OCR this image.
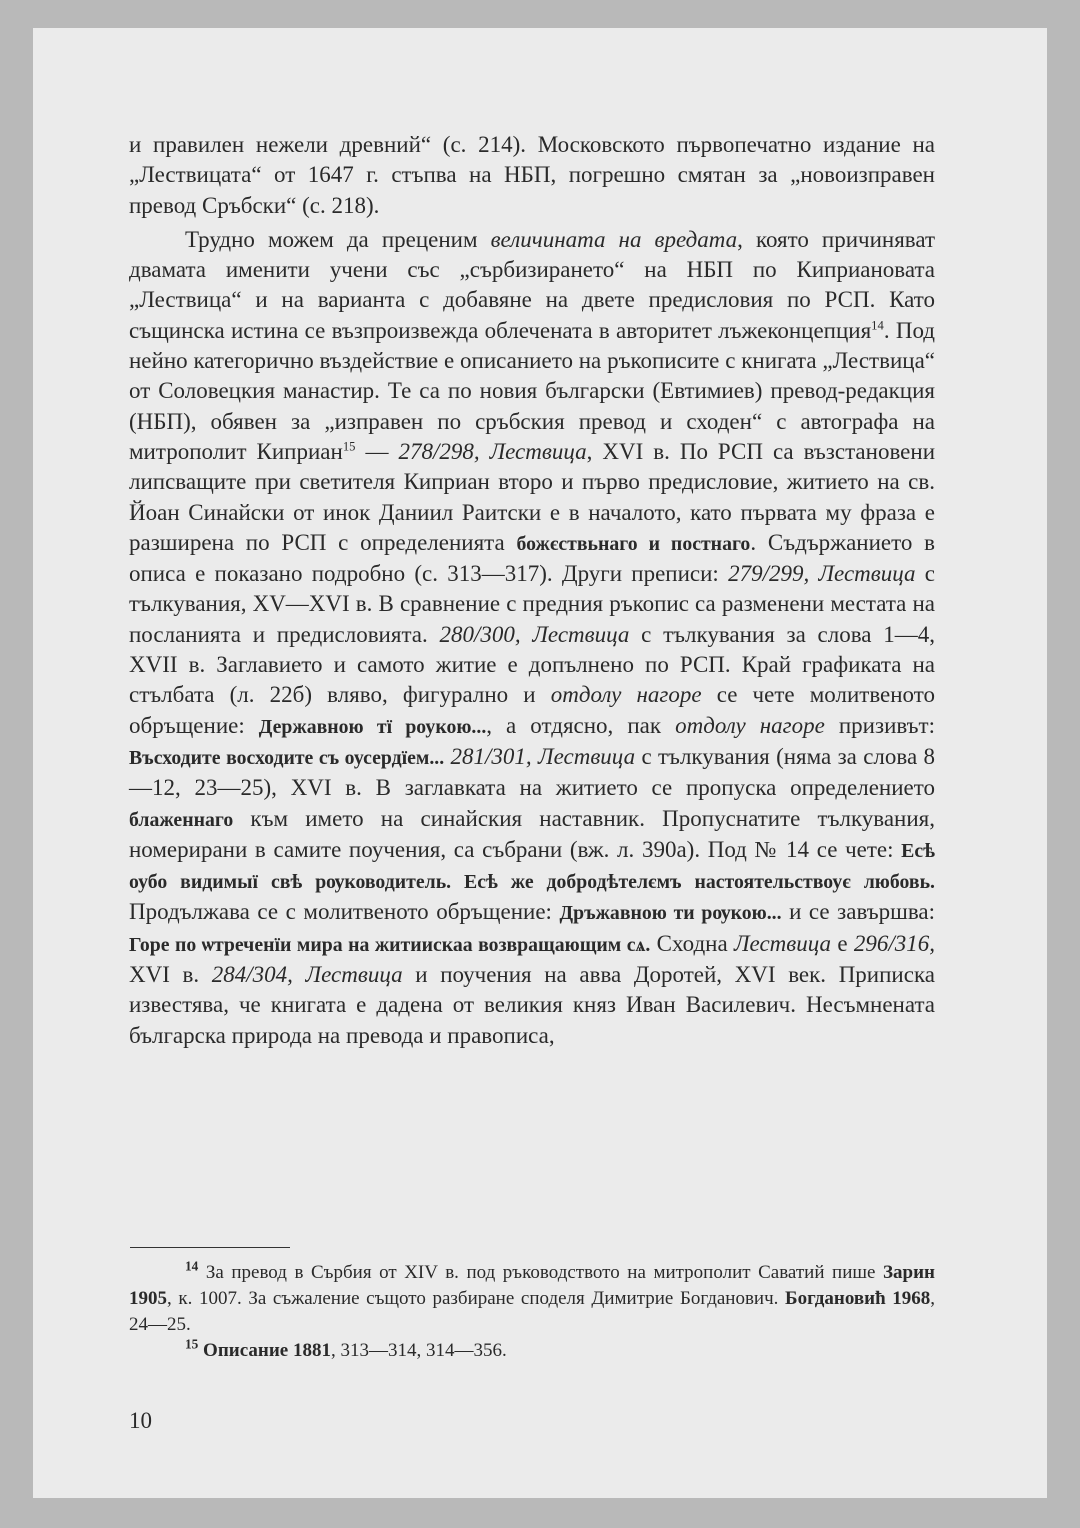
и правилен нежели древний“ (с. 214). Московското първопечатно издание на „Лествицата“ от 1647 г. стъпва на НБП, погрешно смятан за „новоизправен превод Сръбски“ (с. 218).

Трудно можем да преценим величината на вредата, която причиняват двамата именити учени със „сърбизирането“ на НБП по Киприановата „Лествица“ и на варианта с добавяне на двете предисловия по РСП. Като същинска истина се възпроизвежда облечената в авторитет лъжеконцепция$^{14}$. Под нейно категорично въздействие е описанието на ръкописите с книгата „Лествица“ от Соловецкия манастир. Те са по новия български (Евтимиев) превод-редакция (НБП), обявен за „изправен по сръбския превод и сходен“ с автографа на митрополит Киприан$^{15}$ — 278/298, Лествица, XVI в. По РСП са възстановени липсващите при светителя Киприан второ и първо предисловие, житието на св. Йоан Синайски от инок Даниил Раитски е в началото, като първата му фраза е разширена по РСП с определенията божєствьнаго и постнаго. Съдържанието в описа е показано подробно (с. 313—317). Други преписи: 279/299, Лествица с тълкувания, XV—XVI в. В сравнение с предния ръкопис са разменени местата на посланията и предисловията. 280/300, Лествица с тълкувания за слова 1—4, XVII в. Заглавието и самото житие е допълнено по РСП. Край графиката на стълбата (л. 22б) вляво, фигурално и отдолу нагоре се чете молитвеното обръщение: Державною тї роукою..., а отдясно, пак отдолу нагоре призивът: Въсходите восходите съ оусердїем... 281/301, Лествица с тълкувания (няма за слова 8—12, 23—25), XVI в. В заглавката на житието се пропуска определението блаженнаго към името на синайския наставник. Пропуснатите тълкувания, номерирани в самите поучения, са събрани (вж. л. 390а). Под № 14 се чете: Есѣ оубо видимыї свѣ рѹководитель. Есѣ же добродѣтелємъ настоятельствоує любовь. Продължава се с молитвеното обръщение: Дръжавною ти рѹкою... и се завършва: Горе по ѡтреченїи мира на житиискаа возвращающим сѧ. Сходна Лествица е 296/316, XVI в. 284/304, Лествица и поучения на авва Доротей, XVI век. Приписка известява, че книгата е дадена от великия княз Иван Василевич. Несъмнената българска природа на превода и правописа,

$^{14}$ За превод в Сърбия от XIV в. под ръководството на митрополит Саватий пише Зарин 1905, к. 1007. За съжаление същото разбиране споделя Димитрие Богданович. Богдановић 1968, 24—25.

$^{15}$ Описание 1881, 313—314, 314—356.

10
